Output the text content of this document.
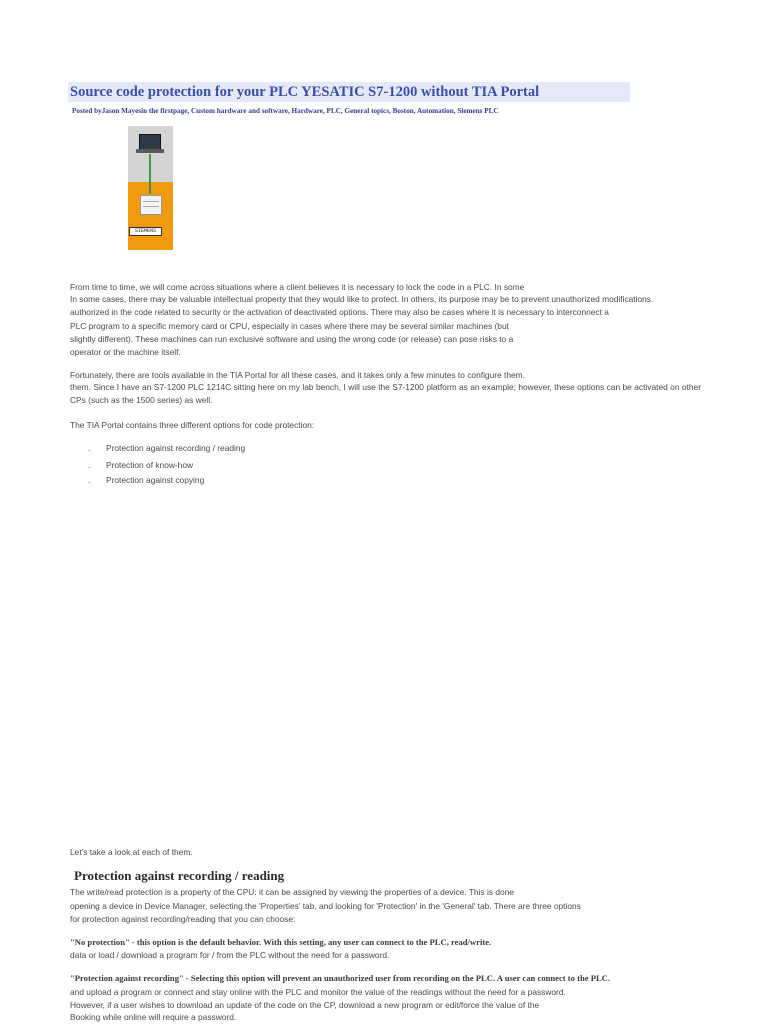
Source code protection for your PLC YESATIC S7-1200 without TIA Portal
Posted byJason Mayesin the firstpage, Custom hardware and software, Hardware, PLC, General topics, Boston, Automation, Siemens PLC
SIEMENS
From time to time, we will come across situations where a client believes it is necessary to lock the code in a PLC. In some
In some cases, there may be valuable intellectual property that they would like to protect. In others, its purpose may be to prevent unauthorized modifications.
authorized in the code related to security or the activation of deactivated options. There may also be cases where it is necessary to interconnect a
PLC program to a specific memory card or CPU, especially in cases where there may be several similar machines (but
slightly different). These machines can run exclusive software and using the wrong code (or release) can pose risks to a
operator or the machine itself.
Fortunately, there are tools available in the TIA Portal for all these cases, and it takes only a few minutes to configure them.
them. Since I have an S7-1200 PLC 1214C sitting here on my lab bench, I will use the S7-1200 platform as an example; however, these options can be activated on other CPs (such as the 1500 series) as well.
The TIA Portal contains three different options for code protection:
. Protection against recording / reading
. Protection of know-how
. Protection against copying
Let's take a look at each of them.
Protection against recording / reading
The write/read protection is a property of the CPU: it can be assigned by viewing the properties of a device. This is done
opening a device in Device Manager, selecting the 'Properties' tab, and looking for 'Protection' in the 'General' tab. There are three options
for protection against recording/reading that you can choose:
"No protection" - this option is the default behavior. With this setting, any user can connect to the PLC, read/write.
data or load / download a program for / from the PLC without the need for a password.
"Protection against recording" - Selecting this option will prevent an unauthorized user from recording on the PLC. A user can connect to the PLC.
and upload a program or connect and stay online with the PLC and monitor the value of the readings without the need for a password.
However, if a user wishes to download an update of the code on the CP, download a new program or edit/force the value of the
Booking while online will require a password.
